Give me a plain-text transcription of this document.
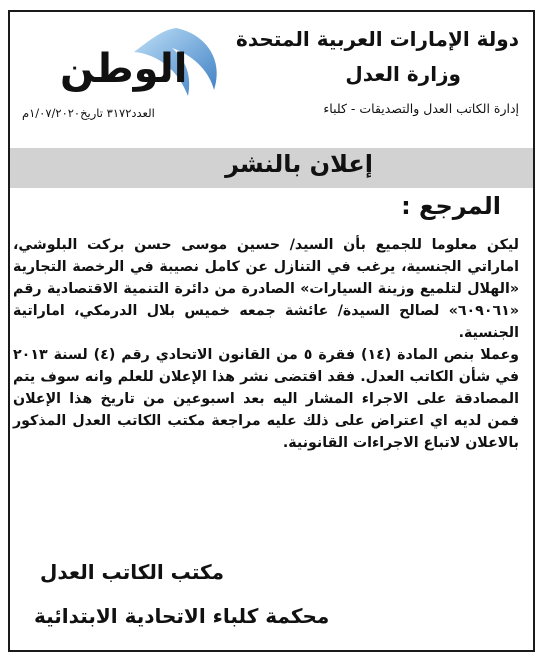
دولة الإمارات العربية المتحدة
وزارة العدل
إدارة الكاتب العدل والتصديقات - كلباء
الوطن
العدد٣١٧٢ تاريخ١/٠٧/٢٠٢٠م
إعلان بالنشر
المرجع :

ليكن معلوما للجميع بأن السيد/ حسين موسى حسن بركت البلوشي، اماراتي الجنسية، يرغب في التنازل عن كامل نصيبة في الرخصة التجارية «الهلال لتلميع وزينة السيارات» الصادرة من دائرة التنمية الاقتصادية رقم «٦٠٩٠٦١» لصالح السيدة/ عائشة جمعه خميس بلال الدرمكي، اماراتية الجنسية.

وعملا بنص المادة (١٤) فقرة ٥ من القانون الاتحادي رقم (٤) لسنة ٢٠١٣ في شأن الكاتب العدل. فقد اقتضى نشر هذا الإعلان للعلم وانه سوف يتم المصادقة على الاجراء المشار اليه بعد اسبوعين من تاريخ هذا الإعلان فمن لديه اي اعتراض على ذلك عليه مراجعة مكتب الكاتب العدل المذكور بالاعلان لاتباع الاجراءات القانونية.

مكتب الكاتب العدل
محكمة كلباء الاتحادية الابتدائية
